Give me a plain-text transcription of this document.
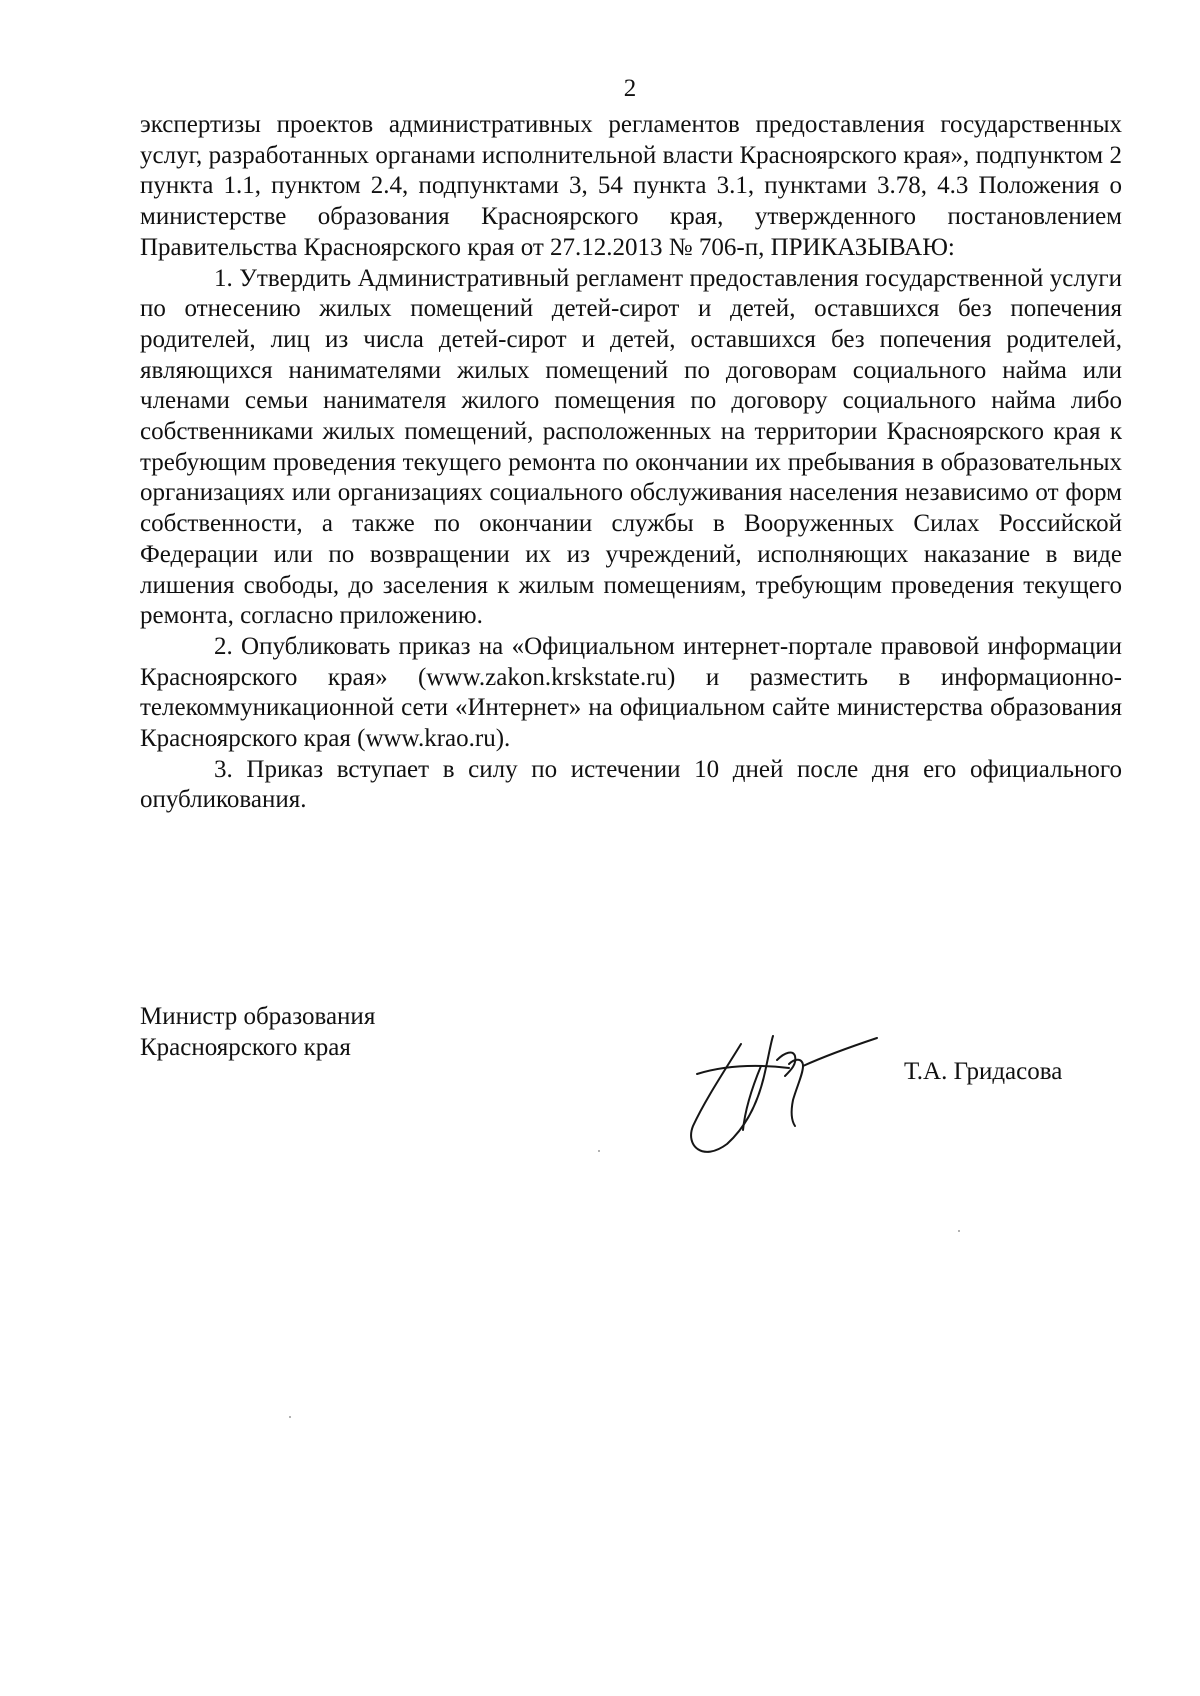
2

экспертизы проектов административных регламентов предоставления государственных услуг, разработанных органами исполнительной власти Красноярского края», подпунктом 2 пункта 1.1, пунктом 2.4, подпунктами 3, 54 пункта 3.1, пунктами 3.78, 4.3 Положения о министерстве образования Красноярского края, утвержденного постановлением Правительства Красноярского края от 27.12.2013 № 706-п, ПРИКАЗЫВАЮ:

1. Утвердить Административный регламент предоставления государственной услуги по отнесению жилых помещений детей-сирот и детей, оставшихся без попечения родителей, лиц из числа детей-сирот и детей, оставшихся без попечения родителей, являющихся нанимателями жилых помещений по договорам социального найма или членами семьи нанимателя жилого помещения по договору социального найма либо собственниками жилых помещений, расположенных на территории Красноярского края к требующим проведения текущего ремонта по окончании их пребывания в образовательных организациях или организациях социального обслуживания населения независимо от форм собственности, а также по окончании службы в Вооруженных Силах Российской Федерации или по возвращении их из учреждений, исполняющих наказание в виде лишения свободы, до заселения к жилым помещениям, требующим проведения текущего ремонта, согласно приложению.

2. Опубликовать приказ на «Официальном интернет-портале правовой информации Красноярского края» (www.zakon.krskstate.ru) и разместить в информационно-телекоммуникационной сети «Интернет» на официальном сайте министерства образования Красноярского края (www.krao.ru).

3. Приказ вступает в силу по истечении 10 дней после дня его официального опубликования.

Министр образования
Красноярского края
Т.А. Гридасова
